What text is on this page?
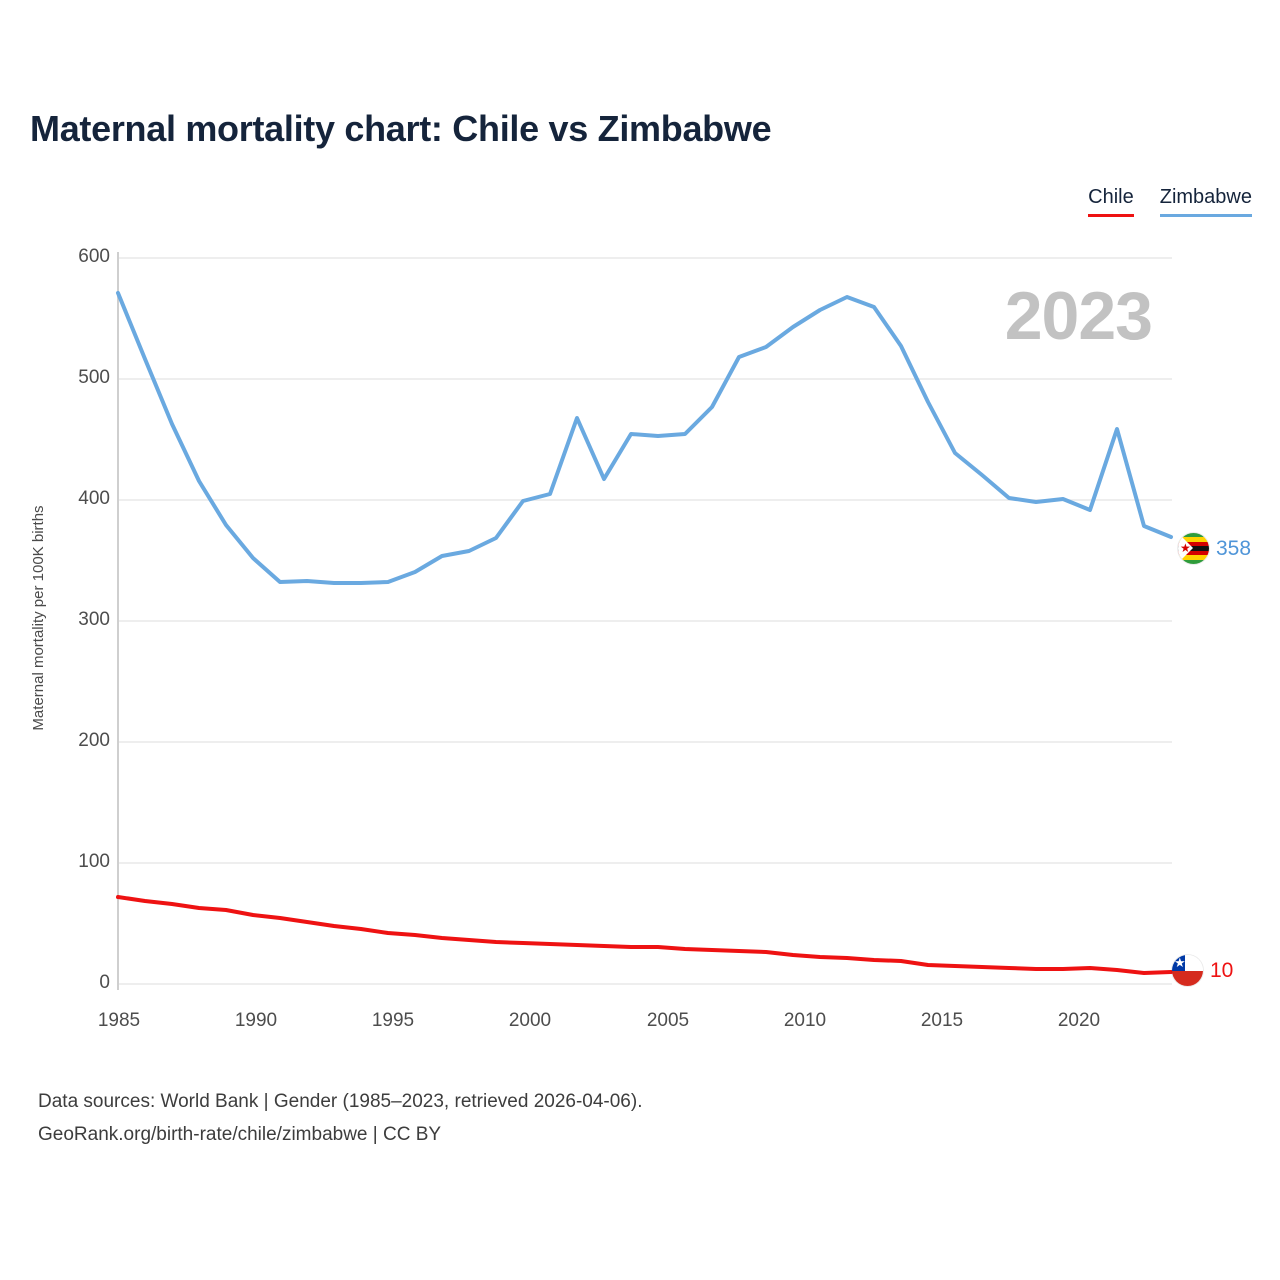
Maternal mortality chart: Chile vs Zimbabwe
Chile Zimbabwe
2023
Maternal mortality per 100K births
600
500
400
300
200
100
0
1985	1990	1995	2000	2005	2010	2015	2020
★ 358
★ 10
Data sources: World Bank | Gender (1985–2023, retrieved 2026-04-06).
GeoRank.org/birth-rate/chile/zimbabwe | CC BY
